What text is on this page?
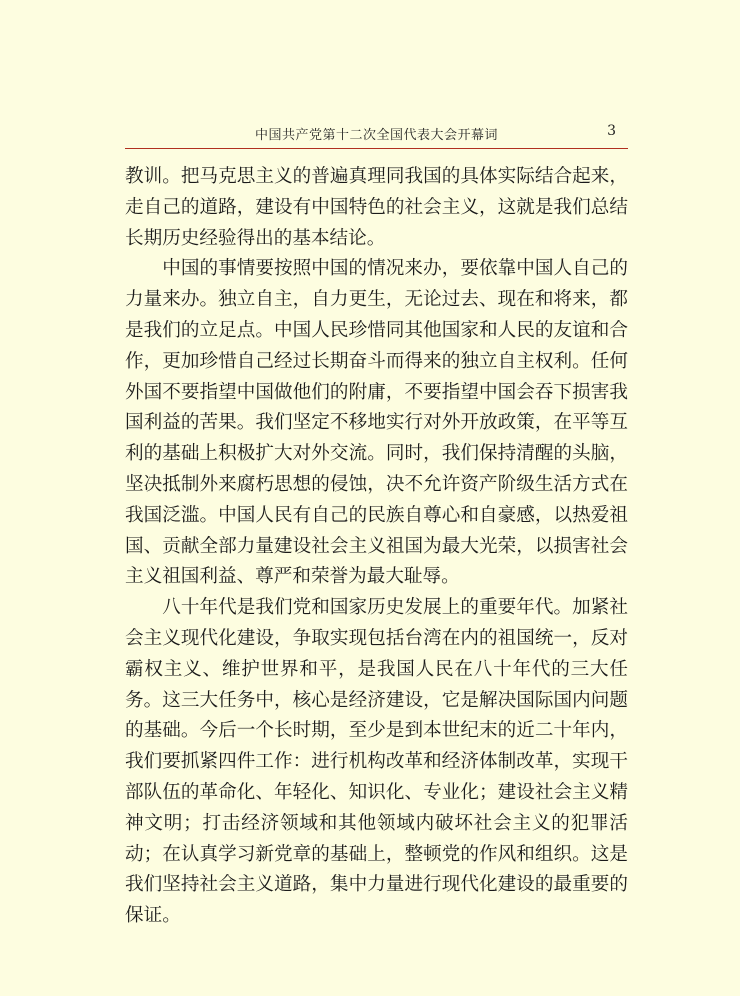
中国共产党第十二次全国代表大会开幕词	3

教训。把马克思主义的普遍真理同我国的具体实际结合起来，走自己的道路，建设有中国特色的社会主义，这就是我们总结长期历史经验得出的基本结论。

中国的事情要按照中国的情况来办，要依靠中国人自己的力量来办。独立自主，自力更生，无论过去、现在和将来，都是我们的立足点。中国人民珍惜同其他国家和人民的友谊和合作，更加珍惜自己经过长期奋斗而得来的独立自主权利。任何外国不要指望中国做他们的附庸，不要指望中国会吞下损害我国利益的苦果。我们坚定不移地实行对外开放政策，在平等互利的基础上积极扩大对外交流。同时，我们保持清醒的头脑，坚决抵制外来腐朽思想的侵蚀，决不允许资产阶级生活方式在我国泛滥。中国人民有自己的民族自尊心和自豪感，以热爱祖国、贡献全部力量建设社会主义祖国为最大光荣，以损害社会主义祖国利益、尊严和荣誉为最大耻辱。

八十年代是我们党和国家历史发展上的重要年代。加紧社会主义现代化建设，争取实现包括台湾在内的祖国统一，反对霸权主义、维护世界和平，是我国人民在八十年代的三大任务。这三大任务中，核心是经济建设，它是解决国际国内问题的基础。今后一个长时期，至少是到本世纪末的近二十年内，我们要抓紧四件工作：进行机构改革和经济体制改革，实现干部队伍的革命化、年轻化、知识化、专业化；建设社会主义精神文明；打击经济领域和其他领域内破坏社会主义的犯罪活动；在认真学习新党章的基础上，整顿党的作风和组织。这是我们坚持社会主义道路，集中力量进行现代化建设的最重要的保证。
